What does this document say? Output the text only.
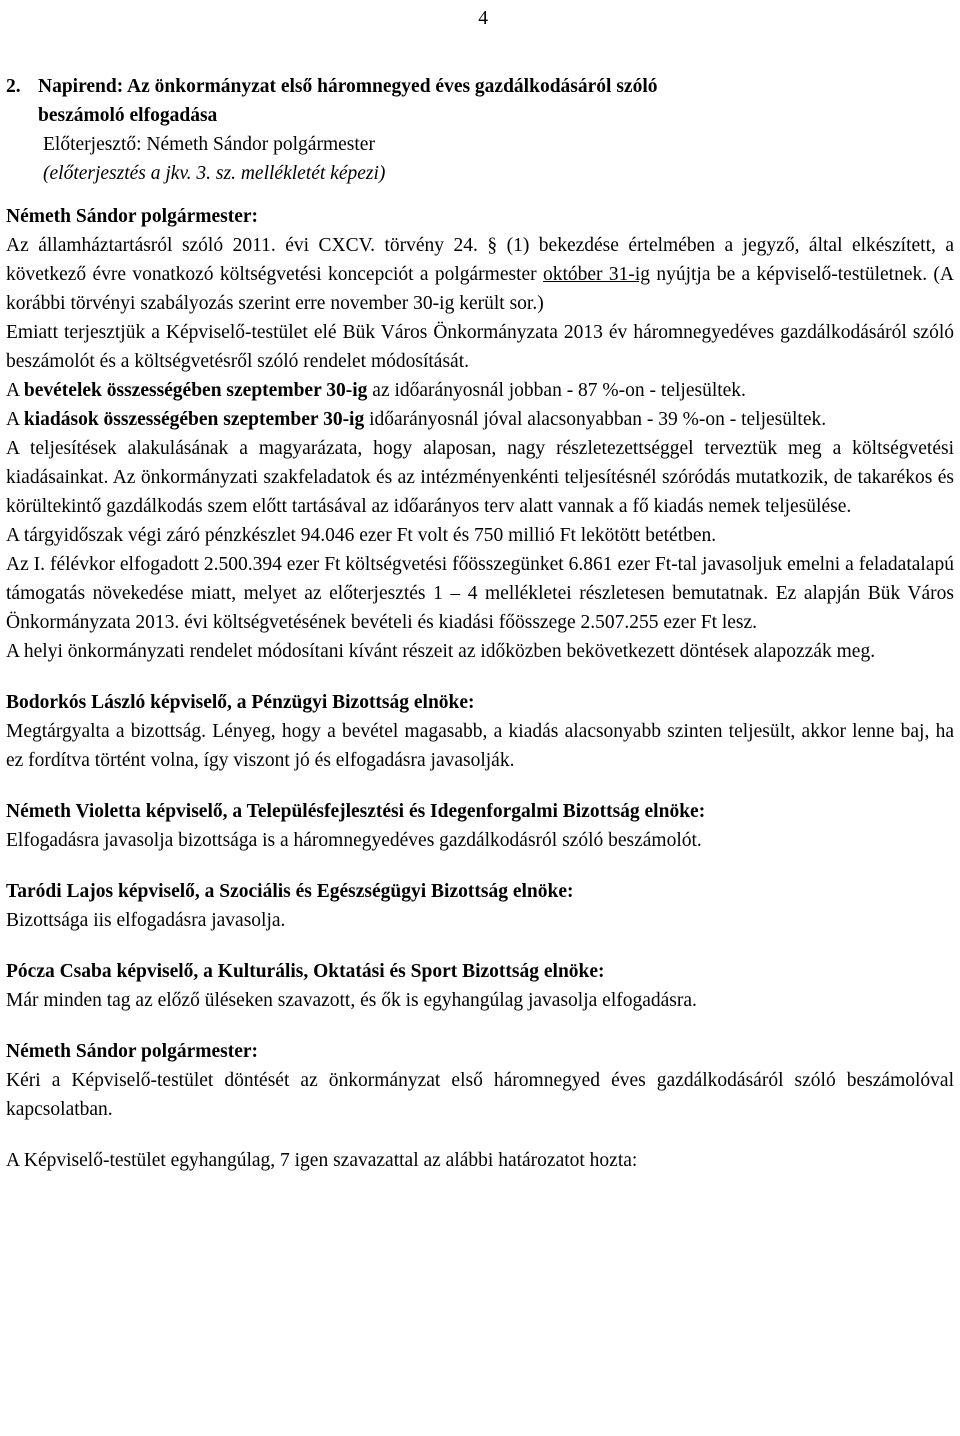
4
2. Napirend: Az önkormányzat első háromnegyed éves gazdálkodásáról szóló
beszámoló elfogadása
Előterjesztő: Németh Sándor polgármester
(előterjesztés a jkv. 3. sz. mellékletét képezi)

Németh Sándor polgármester:

Az államháztartásról szóló 2011. évi CXCV. törvény 24. § (1) bekezdése értelmében a jegyző, által elkészített, a következő évre vonatkozó költségvetési koncepciót a polgármester október 31-ig nyújtja be a képviselő-testületnek. (A korábbi törvényi szabályozás szerint erre november 30-ig került sor.)

Emiatt terjesztjük a Képviselő-testület elé Bük Város Önkormányzata 2013 év háromnegyedéves gazdálkodásáról szóló beszámolót és a költségvetésről szóló rendelet módosítását.

A bevételek összességében szeptember 30-ig az időarányosnál jobban - 87 %-on - teljesültek.

A kiadások összességében szeptember 30-ig időarányosnál jóval alacsonyabban - 39 %-on - teljesültek.

A teljesítések alakulásának a magyarázata, hogy alaposan, nagy részletezettséggel terveztük meg a költségvetési kiadásainkat. Az önkormányzati szakfeladatok és az intézményenkénti teljesítésnél szóródás mutatkozik, de takarékos és körültekintő gazdálkodás szem előtt tartásával az időarányos terv alatt vannak a fő kiadás nemek teljesülése.

A tárgyidőszak végi záró pénzkészlet 94.046 ezer Ft volt és 750 millió Ft lekötött betétben.

Az I. félévkor elfogadott 2.500.394 ezer Ft költségvetési főösszegünket 6.861 ezer Ft-tal javasoljuk emelni a feladatalapú támogatás növekedése miatt, melyet az előterjesztés 1 – 4 mellékletei részletesen bemutatnak. Ez alapján Bük Város Önkormányzata 2013. évi költségvetésének bevételi és kiadási főösszege 2.507.255 ezer Ft lesz.

A helyi önkormányzati rendelet módosítani kívánt részeit az időközben bekövetkezett döntések alapozzák meg.

Bodorkós László képviselő, a Pénzügyi Bizottság elnöke:

Megtárgyalta a bizottság. Lényeg, hogy a bevétel magasabb, a kiadás alacsonyabb szinten teljesült, akkor lenne baj, ha ez fordítva történt volna, így viszont jó és elfogadásra javasolják.

Németh Violetta képviselő, a Településfejlesztési és Idegenforgalmi Bizottság elnöke:

Elfogadásra javasolja bizottsága is a háromnegyedéves gazdálkodásról szóló beszámolót.

Taródi Lajos képviselő, a Szociális és Egészségügyi Bizottság elnöke:

Bizottsága iis elfogadásra javasolja.

Pócza Csaba képviselő, a Kulturális, Oktatási és Sport Bizottság elnöke:

Már minden tag az előző üléseken szavazott, és ők is egyhangúlag javasolja elfogadásra.

Németh Sándor polgármester:

Kéri a Képviselő-testület döntését az önkormányzat első háromnegyed éves gazdálkodásáról szóló beszámolóval kapcsolatban.

A Képviselő-testület egyhangúlag, 7 igen szavazattal az alábbi határozatot hozta:
